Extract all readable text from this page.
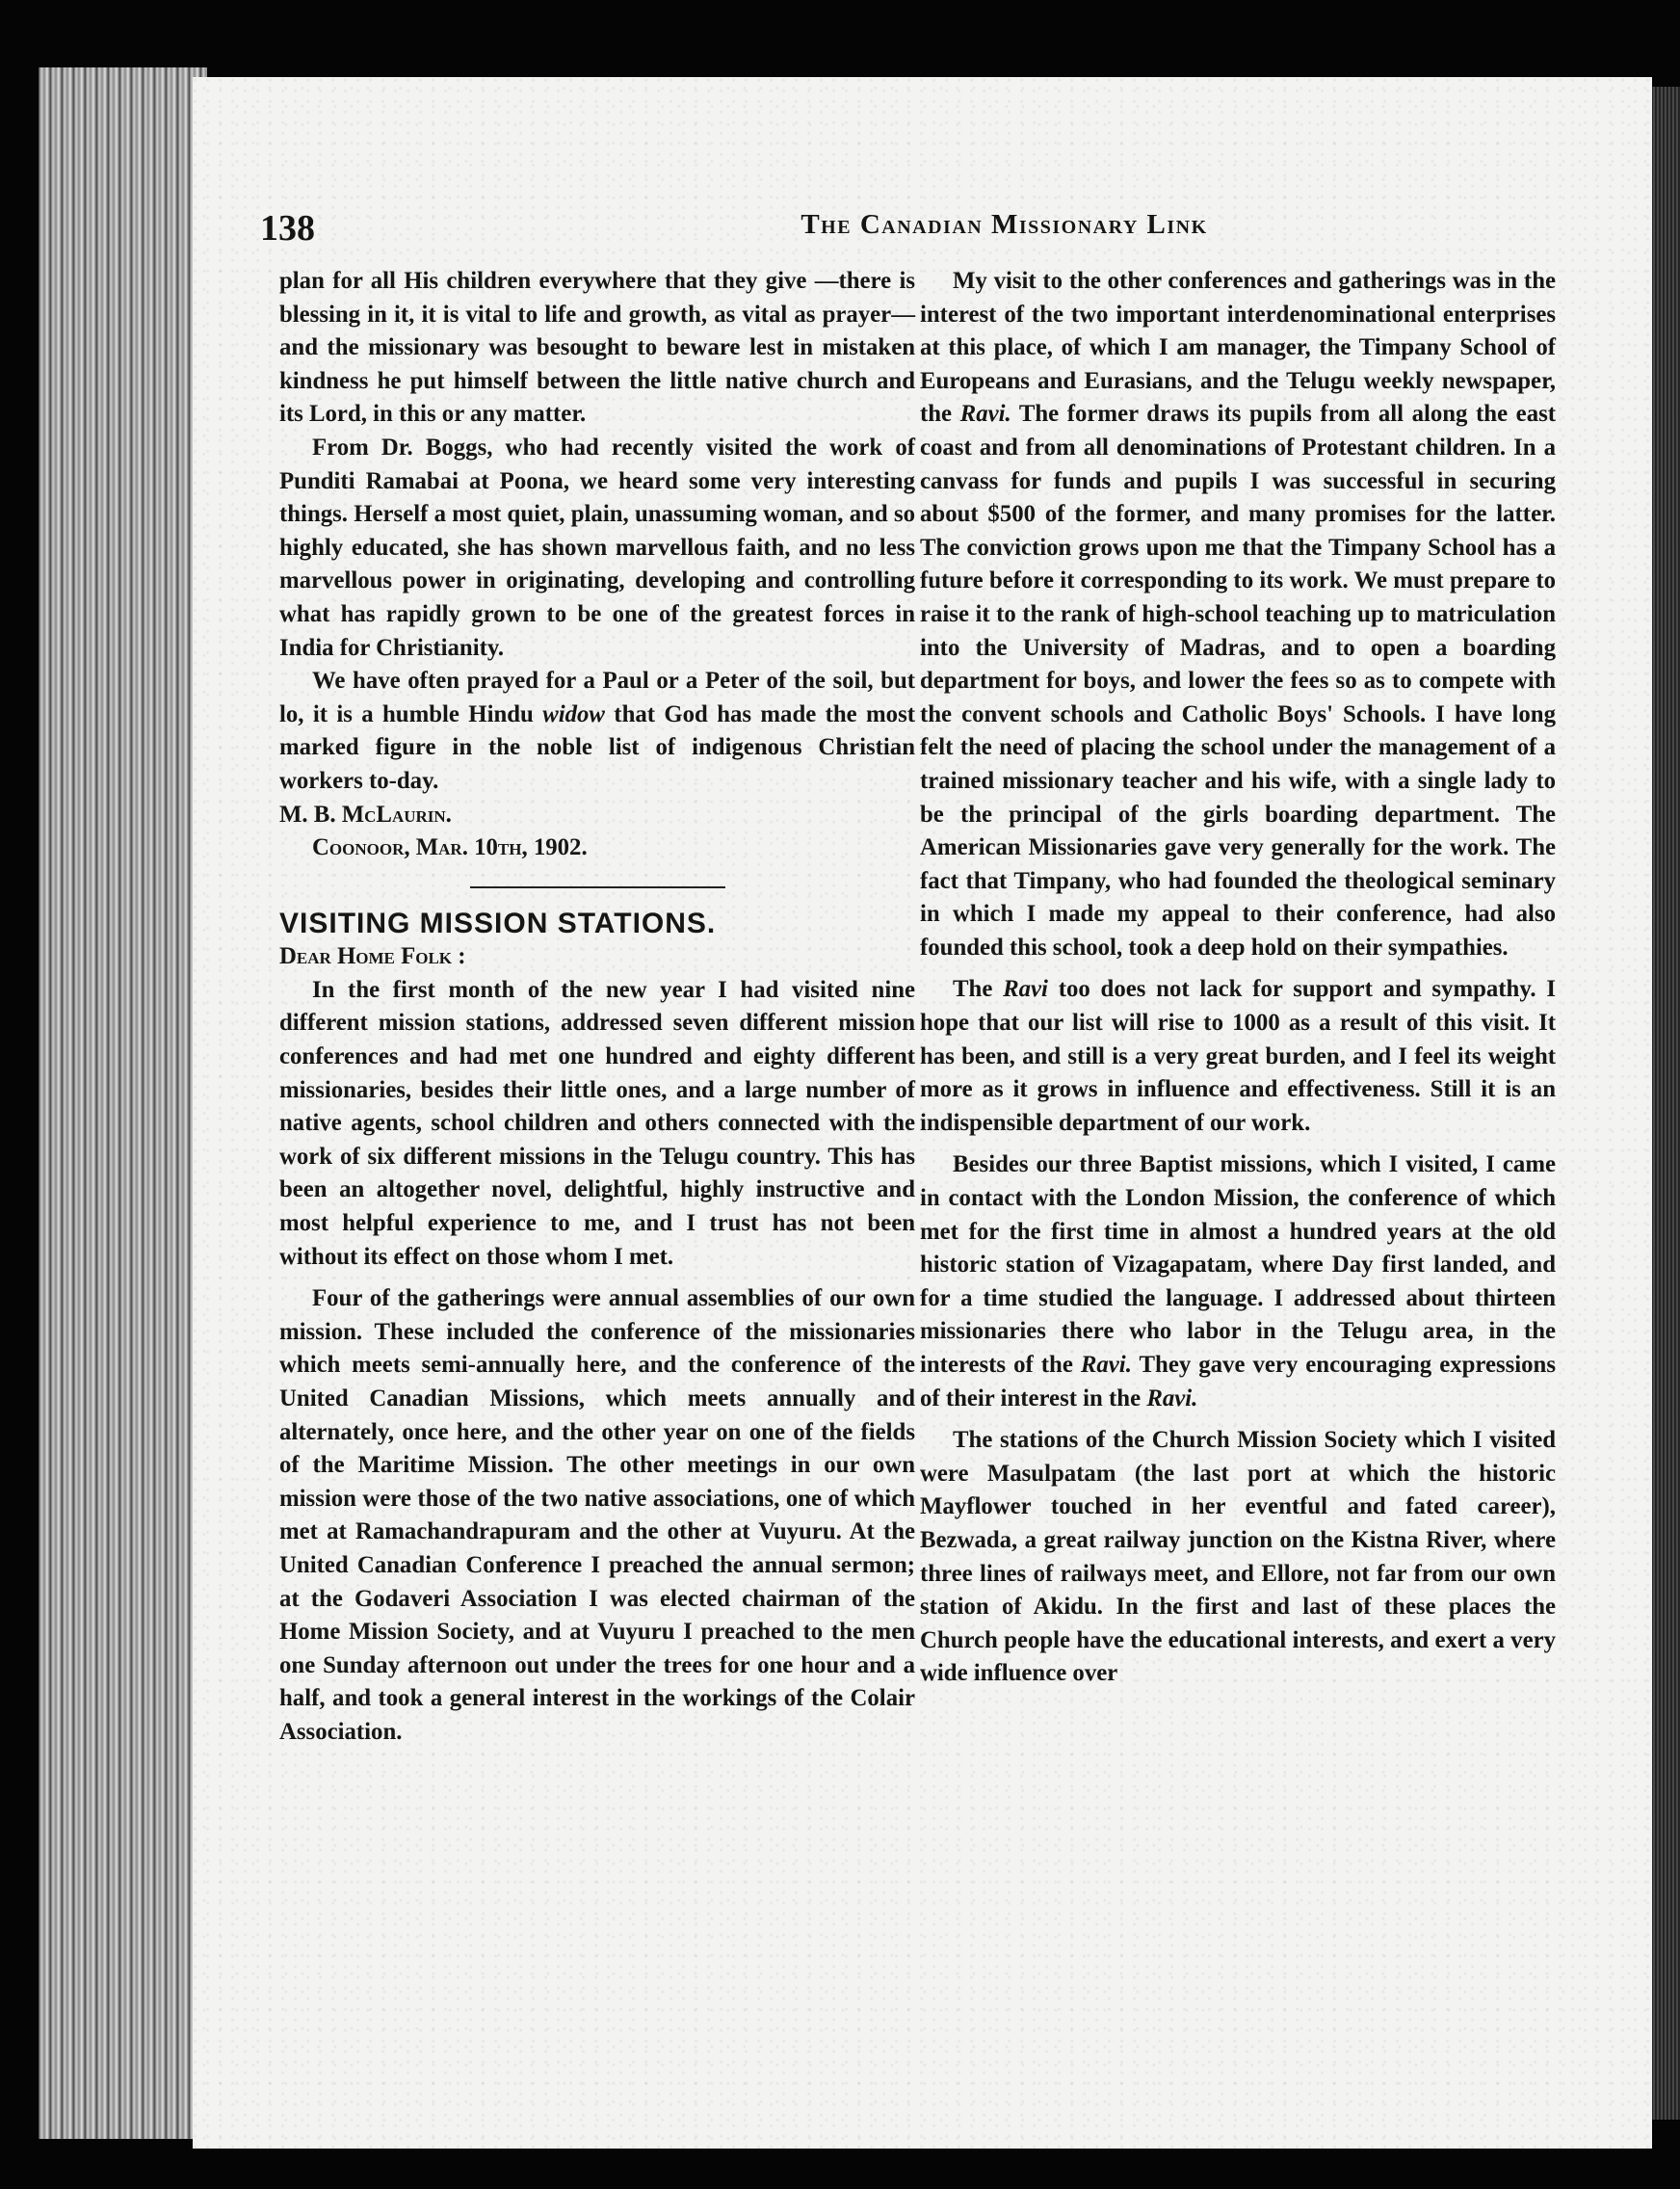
138	The Canadian Missionary Link

plan for all His children everywhere that they give —there is blessing in it, it is vital to life and growth, as vital as prayer—and the missionary was besought to beware lest in mistaken kindness he put himself between the little native church and its Lord, in this or any matter.

From Dr. Boggs, who had recently visited the work of Punditi Ramabai at Poona, we heard some very interesting things. Herself a most quiet, plain, unassuming woman, and so highly educated, she has shown marvellous faith, and no less marvellous power in originating, developing and controlling what has rapidly grown to be one of the greatest forces in India for Christianity.

We have often prayed for a Paul or a Peter of the soil, but lo, it is a humble Hindu widow that God has made the most marked figure in the noble list of indigenous Christian workers to-day.

M. B. McLaurin.

Coonoor, Mar. 10th, 1902.

VISITING MISSION STATIONS.

Dear Home Folk :

In the first month of the new year I had visited nine different mission stations, addressed seven different mission conferences and had met one hundred and eighty different missionaries, besides their little ones, and a large number of native agents, school children and others connected with the work of six different missions in the Telugu country. This has been an altogether novel, delightful, highly instructive and most helpful experience to me, and I trust has not been without its effect on those whom I met.

Four of the gatherings were annual assemblies of our own mission. These included the conference of the missionaries which meets semi-annually here, and the conference of the United Canadian Missions, which meets annually and alternately, once here, and the other year on one of the fields of the Maritime Mission. The other meetings in our own mission were those of the two native associations, one of which met at Ramachandrapuram and the other at Vuyuru. At the United Canadian Conference I preached the annual sermon; at the Godaveri Association I was elected chairman of the Home Mission Society, and at Vuyuru I preached to the men one Sunday afternoon out under the trees for one hour and a half, and took a general interest in the workings of the Colair Association.

My visit to the other conferences and gatherings was in the interest of the two important interdenominational enterprises at this place, of which I am manager, the Timpany School of Europeans and Eurasians, and the Telugu weekly newspaper, the Ravi. The former draws its pupils from all along the east coast and from all denominations of Protestant children. In a canvass for funds and pupils I was successful in securing about $500 of the former, and many promises for the latter. The conviction grows upon me that the Timpany School has a future before it corresponding to its work. We must prepare to raise it to the rank of high-school teaching up to matriculation into the University of Madras, and to open a boarding department for boys, and lower the fees so as to compete with the convent schools and Catholic Boys' Schools. I have long felt the need of placing the school under the management of a trained missionary teacher and his wife, with a single lady to be the principal of the girls boarding department. The American Missionaries gave very generally for the work. The fact that Timpany, who had founded the theological seminary in which I made my appeal to their conference, had also founded this school, took a deep hold on their sympathies.

The Ravi too does not lack for support and sympathy. I hope that our list will rise to 1000 as a result of this visit. It has been, and still is a very great burden, and I feel its weight more as it grows in influence and effectiveness. Still it is an indispensible department of our work.

Besides our three Baptist missions, which I visited, I came in contact with the London Mission, the conference of which met for the first time in almost a hundred years at the old historic station of Vizagapatam, where Day first landed, and for a time studied the language. I addressed about thirteen missionaries there who labor in the Telugu area, in the interests of the Ravi. They gave very encouraging expressions of their interest in the Ravi.

The stations of the Church Mission Society which I visited were Masulpatam (the last port at which the historic Mayflower touched in her eventful and fated career), Bezwada, a great railway junction on the Kistna River, where three lines of railways meet, and Ellore, not far from our own station of Akidu. In the first and last of these places the Church people have the educational interests, and exert a very wide influence over
